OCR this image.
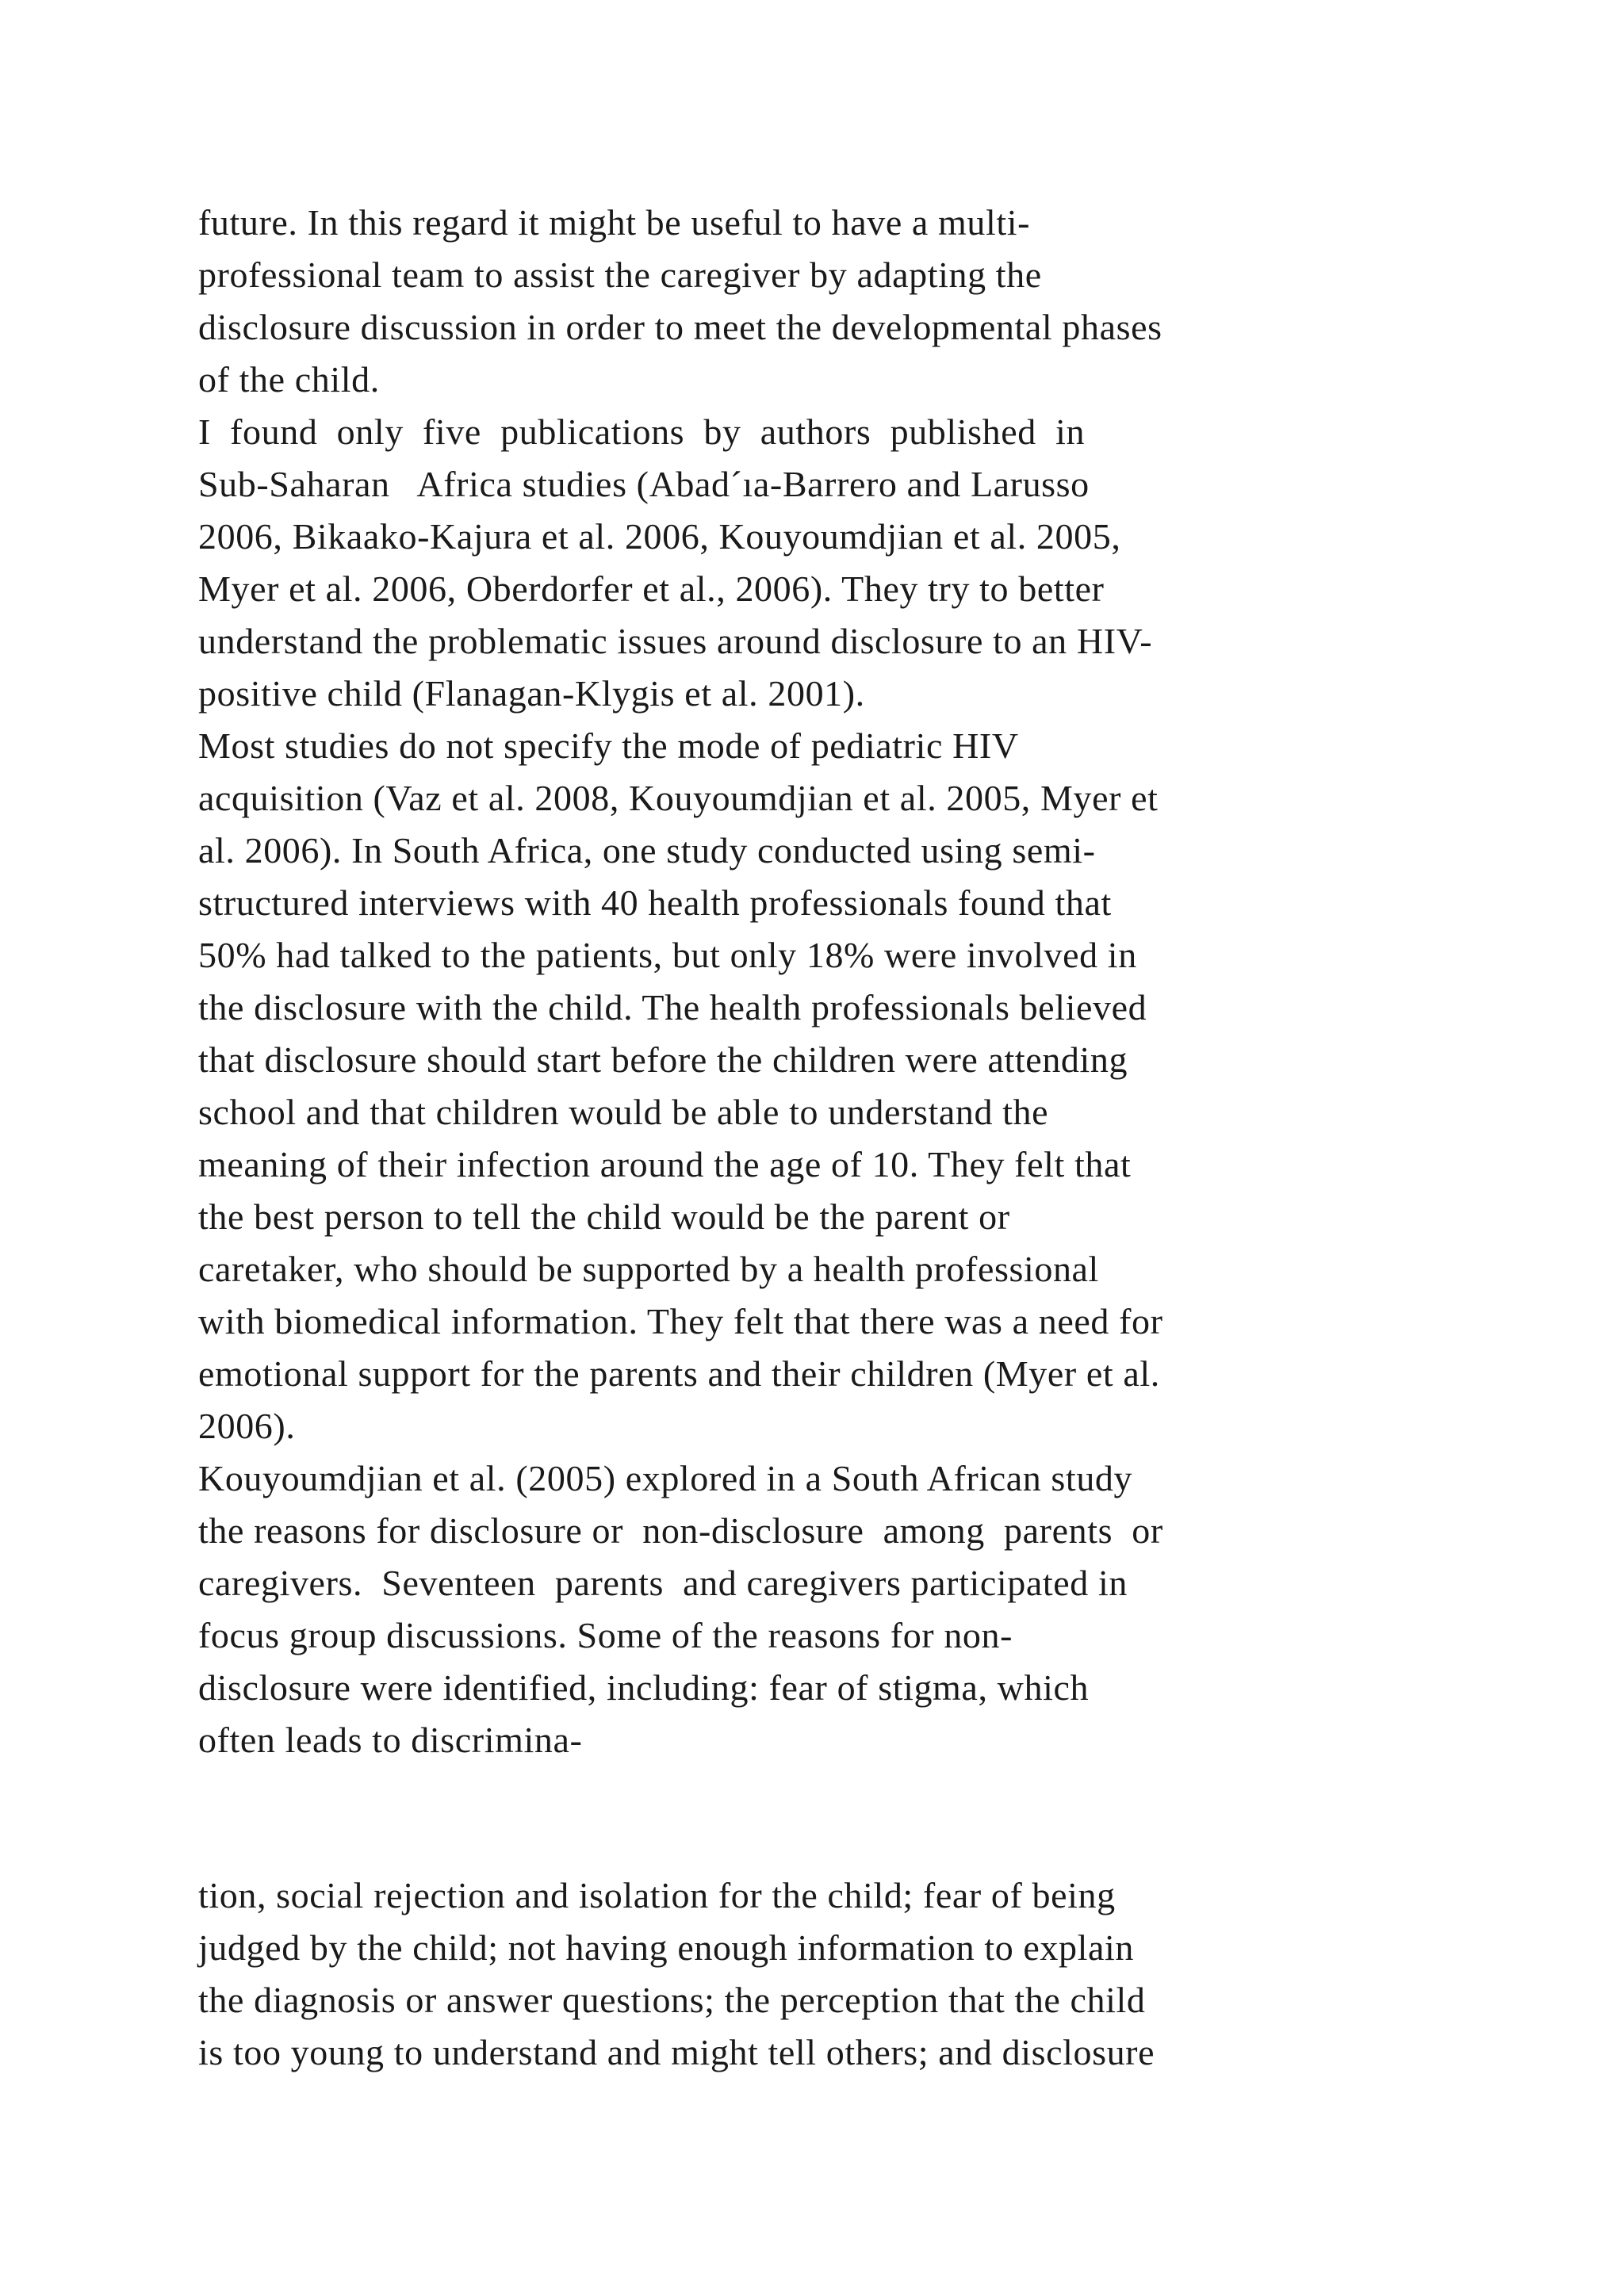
future. In this regard it might be useful to have a multi-
professional team to assist the caregiver by adapting the
disclosure discussion in order to meet the developmental phases
of the child.
I  found  only  five  publications  by  authors  published  in
Sub-Saharan   Africa studies (Abad´ıa-Barrero and Larusso
2006, Bikaako-Kajura et al. 2006, Kouyoumdjian et al. 2005,
Myer et al. 2006, Oberdorfer et al., 2006). They try to better
understand the problematic issues around disclosure to an HIV-
positive child (Flanagan-Klygis et al. 2001).
Most studies do not specify the mode of pediatric HIV
acquisition (Vaz et al. 2008, Kouyoumdjian et al. 2005, Myer et
al. 2006). In South Africa, one study conducted using semi-
structured interviews with 40 health professionals found that
50% had talked to the patients, but only 18% were involved in
the disclosure with the child. The health professionals believed
that disclosure should start before the children were attending
school and that children would be able to understand the
meaning of their infection around the age of 10. They felt that
the best person to tell the child would be the parent or
caretaker, who should be supported by a health professional
with biomedical information. They felt that there was a need for
emotional support for the parents and their children (Myer et al.
2006).
Kouyoumdjian et al. (2005) explored in a South African study
the reasons for disclosure or  non-disclosure  among  parents  or
caregivers.  Seventeen  parents  and caregivers participated in
focus group discussions. Some of the reasons for non-
disclosure were identified, including: fear of stigma, which
often leads to discrimina-
tion, social rejection and isolation for the child; fear of being
judged by the child; not having enough information to explain
the diagnosis or answer questions; the perception that the child
is too young to understand and might tell others; and disclosure
